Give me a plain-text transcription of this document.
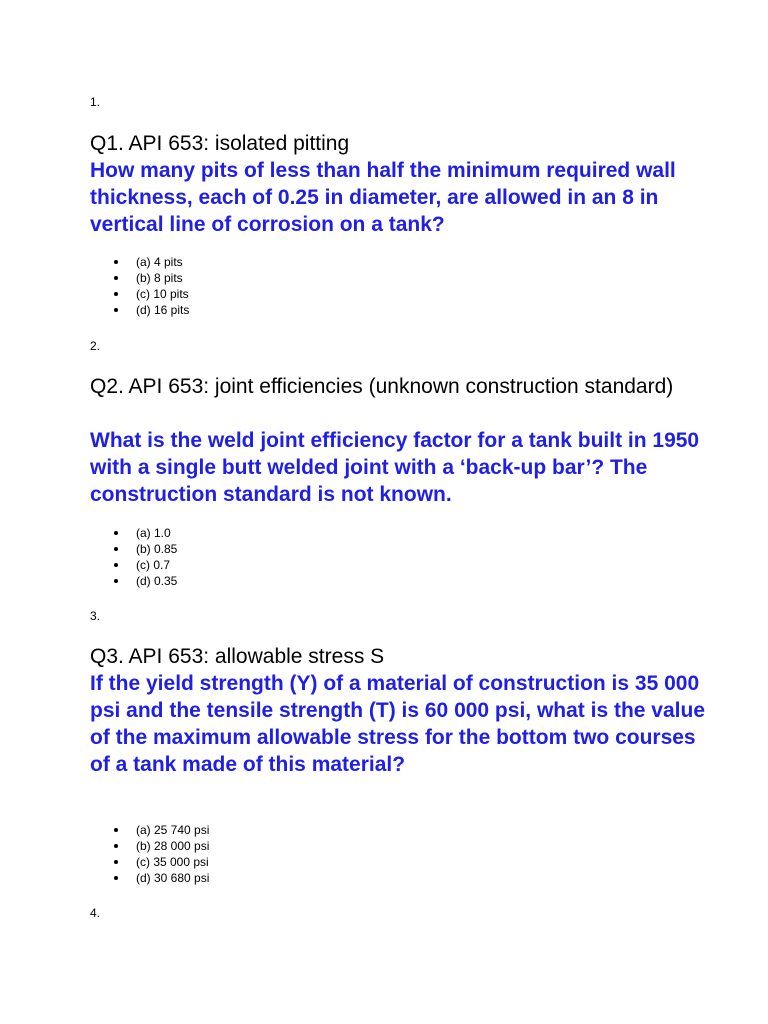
1.

Q1. API 653: isolated pitting

How many pits of less than half the minimum required wall thickness, each of 0.25 in diameter, are allowed in an 8 in vertical line of corrosion on a tank?

(a) 4 pits
(b) 8 pits
(c) 10 pits
(d) 16 pits

2.

Q2. API 653: joint efficiencies (unknown construction standard)

What is the weld joint efficiency factor for a tank built in 1950 with a single butt welded joint with a ‘back-up bar’? The construction standard is not known.

(a) 1.0
(b) 0.85
(c) 0.7
(d) 0.35

3.

Q3. API 653: allowable stress S

If the yield strength (Y) of a material of construction is 35 000 psi and the tensile strength (T) is 60 000 psi, what is the value of the maximum allowable stress for the bottom two courses of a tank made of this material?

(a) 25 740 psi
(b) 28 000 psi
(c) 35 000 psi
(d) 30 680 psi

4.
